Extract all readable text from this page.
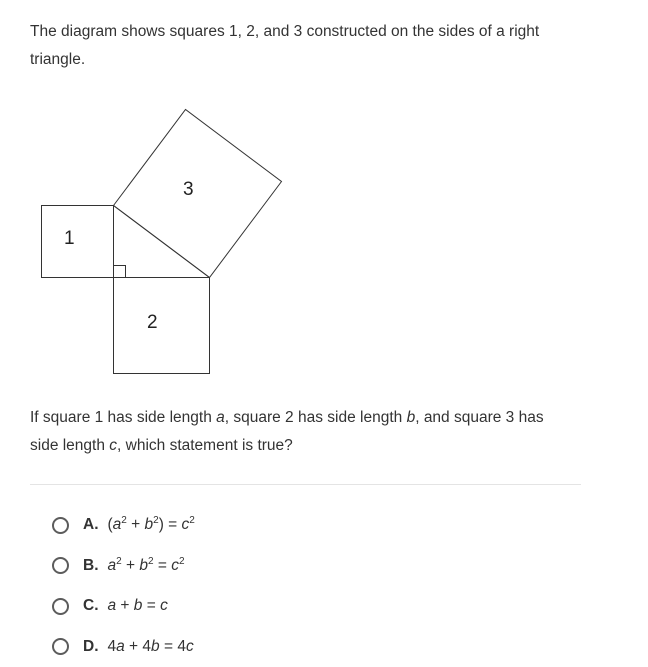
The diagram shows squares 1, 2, and 3 constructed on the sides of a right
triangle.

1
2
3

If square 1 has side length a, square 2 has side length b, and square 3 has
side length c, which statement is true?

A. $(a^2 + b^2) = c^2$
B. $a^2 + b^2 = c^2$
C. a + b = c
D. 4a + 4b = 4c
